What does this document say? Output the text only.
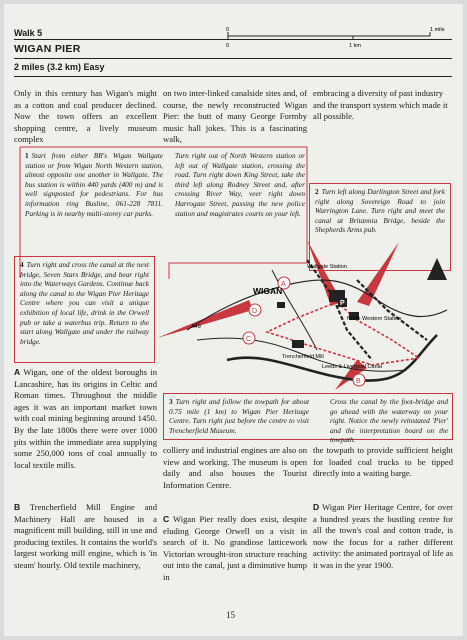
Walk 5
WIGAN PIER
2 miles (3.2 km) Easy
0	1 mile
0	1 km

Only in this century has Wigan's might as a cotton and coal producer declined. Now the town offers an excellent shopping centre, a lively museum complex

on two inter-linked canalside sites and, of course, the newly reconstructed Wigan Pier: the butt of many George Formby music hall jokes. This is a fascinating walk,

embracing a diversity of past industry and the transport system which made it all possible.

1 Start from either BR's Wigan Wallgate station or from Wigan North Western station, almost opposite one another in Wallgate. The bus station is within 440 yards (400 m) and is well signposted for pedestrians. For bus information ring Busline, 061-228 7811. Parking is in nearby multi-storey car parks.
Turn right out of North Western station or left out of Wallgate station, crossing the road. Turn right down King Street, take the third left along Rodney Street and, after crossing River Way, veer right down Harrogate Street, passing the new police station and magistrates courts on your left.
2 Turn left along Darlington Street and fork right along Sovereign Road to join Warrington Lane. Turn right and meet the canal at Britannia Bridge, beside the Shepherds Arms pub.
4 Turn right and cross the canal at the next bridge, Seven Stars Bridge, and bear right into the Waterways Gardens. Continue back along the canal to the Wigan Pier Heritage Centre where you can visit a unique exhibition of local life, drink in the Orwell pub or take a waterbus trip. Return to the start along Wallgate and under the railway bridge.
A
D
C
B
P
WIGAN
Wallgate Station
North Western Station
Trencherfield Mill
Leeds & Liverpool Canal
A49
3 Turn right and follow the towpath for about 0.75 mile (1 km) to Wigan Pier Heritage Centre. Turn right just before the centre to visit Trencherfield Museum.
Cross the canal by the foot-bridge and go ahead with the waterway on your right. Notice the newly reinstated 'Pier' and the interpretation board on the towpath.

A Wigan, one of the oldest boroughs in Lancashire, has its origins in Celtic and Roman times. Throughout the middle ages it was an important market town with coal mining beginning around 1450. By the late 1800s there were over 1000 pits within the immediate area supplying some 250,000 tons of coal annually to local textile mills.

B Trencherfield Mill Engine and Machinery Hall are housed in a magnificent mill building, still in use and producing textiles. It contains the world's largest working mill engine, which is 'in steam' hourly. Old textile machinery,

colliery and industrial engines are also on view and working. The museum is open daily and also houses the Tourist Information Centre.

C Wigan Pier really does exist, despite eluding George Orwell on a visit in search of it. No grandiose latticework Victorian wrought-iron structure reaching out into the canal, just a diminutive hump in

the towpath to provide sufficient height for loaded coal trucks to be tipped directly into a waiting barge.

D Wigan Pier Heritage Centre, for over a hundred years the bustling centre for all the town's coal and cotton trade, is now the focus for a rather different activity: the animated portrayal of life as it was in the year 1900.

15
